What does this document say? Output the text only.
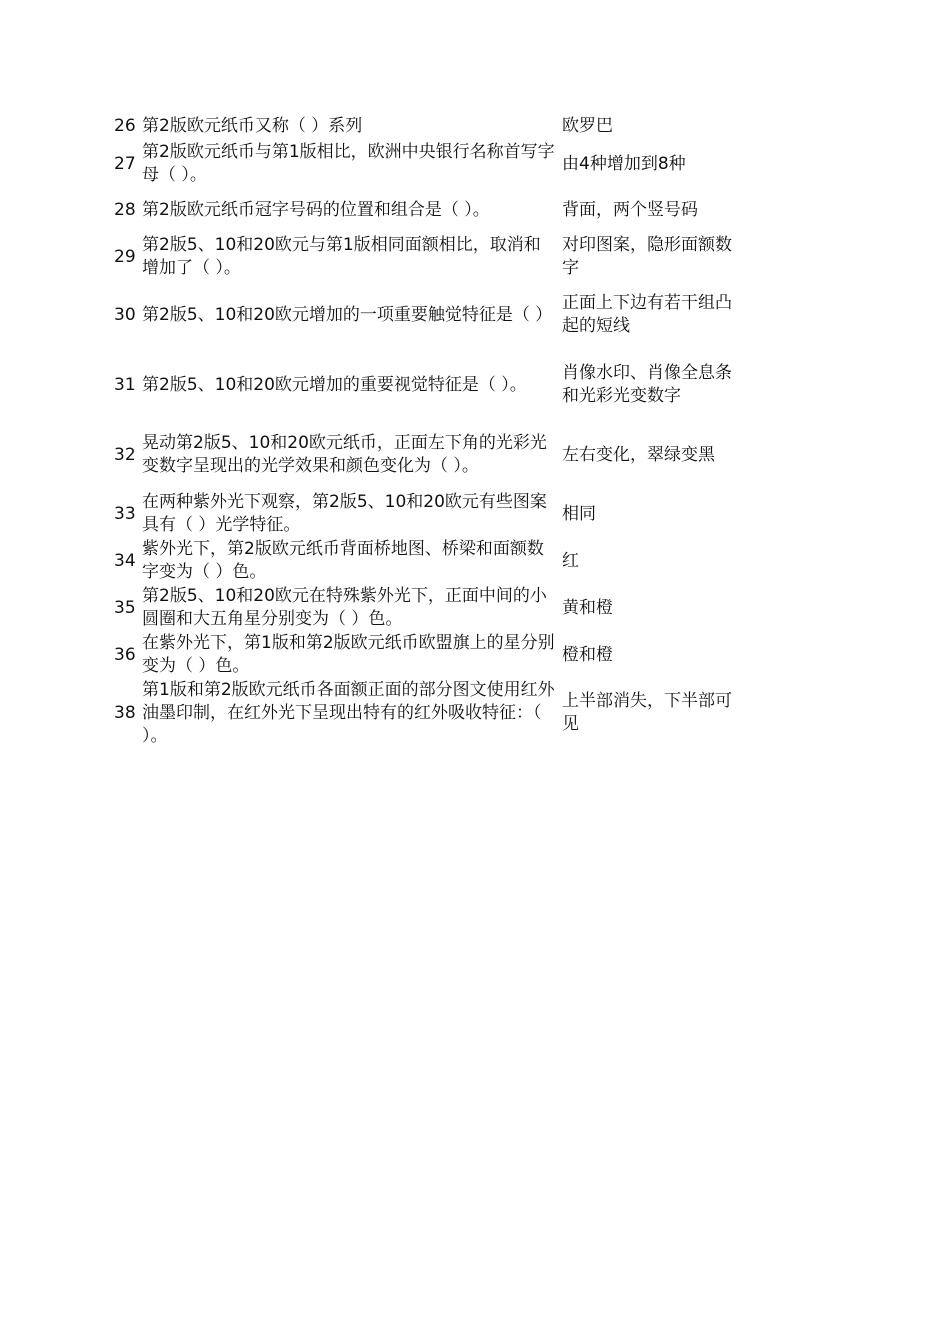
26 第2版欧元纸币又称（ ）系列	欧罗巴
27
第2版欧元纸币与第1版相比，欧洲中央银行名称首写字母（ ）。
由4种增加到8种
28 第2版欧元纸币冠字号码的位置和组合是（ ）。	背面，两个竖号码
29
第2版5、10和20欧元与第1版相同面额相比，取消和增加了（ ）。
对印图案，隐形面额数字
30 第2版5、10和20欧元增加的一项重要触觉特征是（ ）
正面上下边有若干组凸起的短线
31 第2版5、10和20欧元增加的重要视觉特征是（ ）。
肖像水印、肖像全息条和光彩光变数字
32
晃动第2版5、10和20欧元纸币，正面左下角的光彩光变数字呈现出的光学效果和颜色变化为（ ）。
左右变化，翠绿变黑
33
在两种紫外光下观察，第2版5、10和20欧元有些图案具有（ ）光学特征。
相同
34
紫外光下，第2版欧元纸币背面桥地图、桥梁和面额数字变为（ ）色。
红
35
第2版5、10和20欧元在特殊紫外光下，正面中间的小圆圈和大五角星分别变为（ ）色。
黄和橙
36
在紫外光下，第1版和第2版欧元纸币欧盟旗上的星分别变为（ ）色。
橙和橙
38
第1版和第2版欧元纸币各面额正面的部分图文使用红外油墨印制，在红外光下呈现出特有的红外吸收特征：（ ）。
上半部消失，下半部可见
